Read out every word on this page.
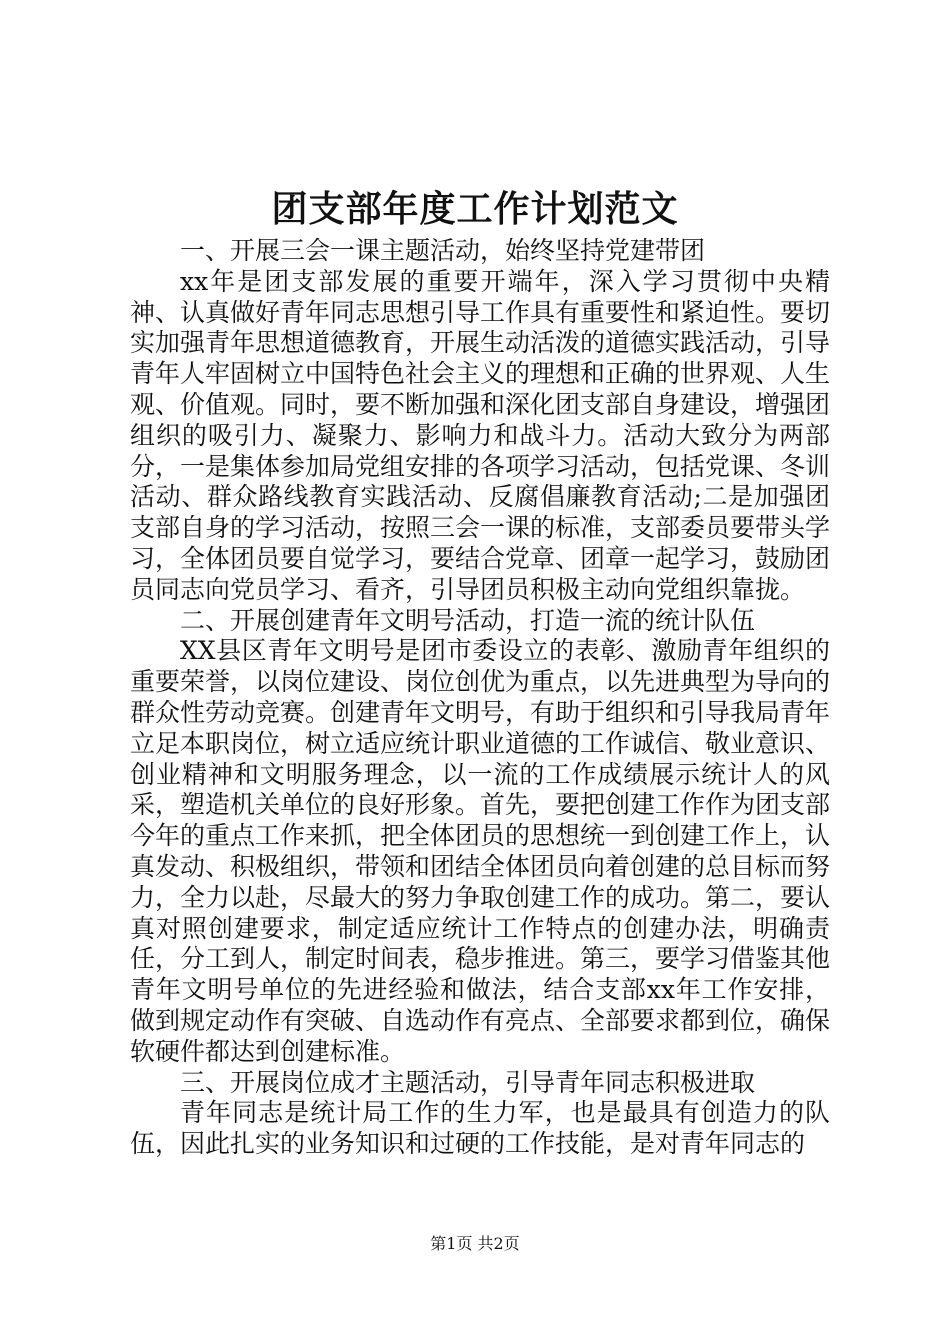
团支部年度工作计划范文

一、开展三会一课主题活动，始终坚持党建带团

xx年是团支部发展的重要开端年，深入学习贯彻中央精神、认真做好青年同志思想引导工作具有重要性和紧迫性。要切实加强青年思想道德教育，开展生动活泼的道德实践活动，引导青年人牢固树立中国特色社会主义的理想和正确的世界观、人生观、价值观。同时，要不断加强和深化团支部自身建设，增强团组织的吸引力、凝聚力、影响力和战斗力。活动大致分为两部分，一是集体参加局党组安排的各项学习活动，包括党课、冬训活动、群众路线教育实践活动、反腐倡廉教育活动;二是加强团支部自身的学习活动，按照三会一课的标准，支部委员要带头学习，全体团员要自觉学习，要结合党章、团章一起学习，鼓励团员同志向党员学习、看齐，引导团员积极主动向党组织靠拢。

二、开展创建青年文明号活动，打造一流的统计队伍

XX县区青年文明号是团市委设立的表彰、激励青年组织的重要荣誉，以岗位建设、岗位创优为重点，以先进典型为导向的群众性劳动竞赛。创建青年文明号，有助于组织和引导我局青年立足本职岗位，树立适应统计职业道德的工作诚信、敬业意识、创业精神和文明服务理念，以一流的工作成绩展示统计人的风采，塑造机关单位的良好形象。首先，要把创建工作作为团支部今年的重点工作来抓，把全体团员的思想统一到创建工作上，认真发动、积极组织，带领和团结全体团员向着创建的总目标而努力，全力以赴，尽最大的努力争取创建工作的成功。第二，要认真对照创建要求，制定适应统计工作特点的创建办法，明确责任，分工到人，制定时间表，稳步推进。第三，要学习借鉴其他青年文明号单位的先进经验和做法，结合支部xx年工作安排，做到规定动作有突破、自选动作有亮点、全部要求都到位，确保软硬件都达到创建标准。

三、开展岗位成才主题活动，引导青年同志积极进取

青年同志是统计局工作的生力军，也是最具有创造力的队伍，因此扎实的业务知识和过硬的工作技能，是对青年同志的

第1页 共2页
